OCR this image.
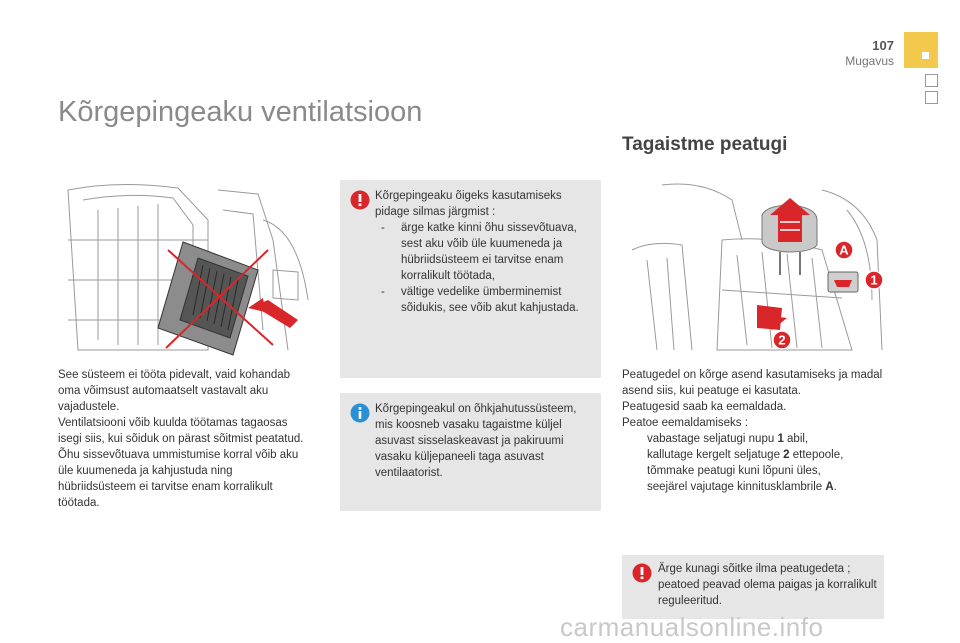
107
Mugavus
Kõrgepingeaku ventilatsioon
Tagaistme peatugi

See süsteem ei tööta pidevalt, vaid kohandab oma võimsust automaatselt vastavalt aku vajadustele.

Ventilatsiooni võib kuulda töötamas tagaosas isegi siis, kui sõiduk on pärast sõitmist peatatud.

Õhu sissevõtuava ummistumise korral võib aku üle kuumeneda ja kahjustuda ning hübriidsüsteem ei tarvitse enam korralikult töötada.

Kõrgepingeaku õigeks kasutamiseks pidage silmas järgmist :
- ärge katke kinni õhu sissevõtuava, sest aku võib üle kuumeneda ja hübriidsüsteem ei tarvitse enam korralikult töötada,
- vältige vedelike ümberminemist sõidukis, see võib akut kahjustada.
Kõrgepingeakul on õhkjahutussüsteem, mis koosneb vasaku tagaistme küljel asuvast sisselaskeavast ja pakiruumi vasaku küljepaneeli taga asuvast ventilaatorist.
A
1
2

Peatugedel on kõrge asend kasutamiseks ja madal asend siis, kui peatuge ei kasutata.

Peatugesid saab ka eemaldada.

Peatoe eemaldamiseks :

vabastage seljatugi nupu 1 abil,
kallutage kergelt seljatuge 2 ettepoole,
tõmmake peatugi kuni lõpuni üles,
seejärel vajutage kinnitusklambrile A.
Ärge kunagi sõitke ilma peatugedeta ; peatoed peavad olema paigas ja korralikult reguleeritud.
carmanualsonline.info
